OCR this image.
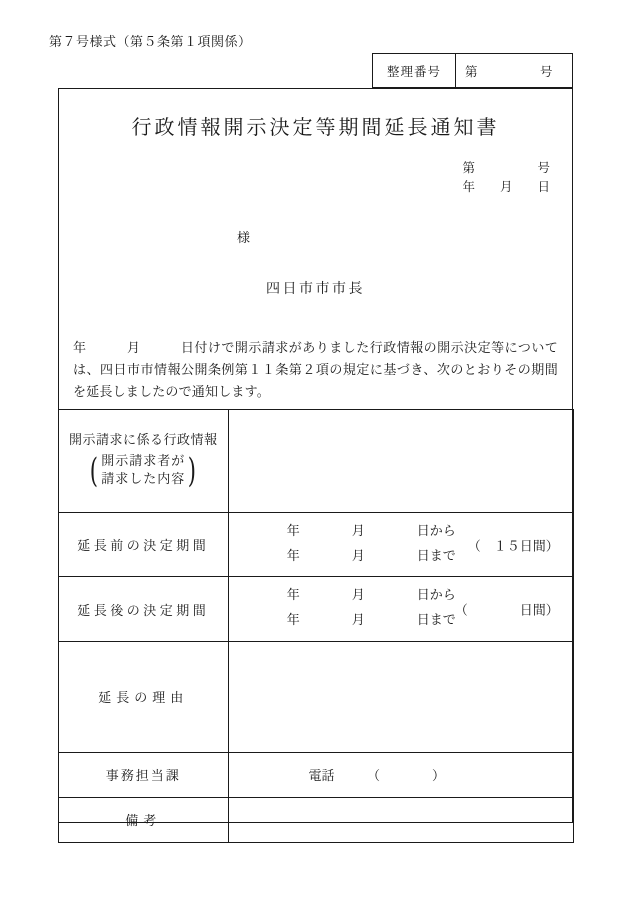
第７号様式（第５条第１項関係）
整理番号	第　　　　　号
行政情報開示決定等期間延長通知書
第　　　　　号
年　　月　　日
様
四日市市市長
年　　　月　　　日付けで開示請求がありました行政情報の開示決定等については、四日市市情報公開条例第１１条第２項の規定に基づき、次のとおりその期間を延長しましたので通知します。
開示請求に係る行政情報
( 開示請求者が
請求した内容 )	

延長前の決定期間	年　　　　月　　　　日から
年　　　　月　　　　日まで
（　１５日間）

延長後の決定期間	年　　　　月　　　　日から
年　　　　月　　　　日まで
（　　　　日間）

延長の理由	
事務担当課	電話　　　（　　　　）

備考	
